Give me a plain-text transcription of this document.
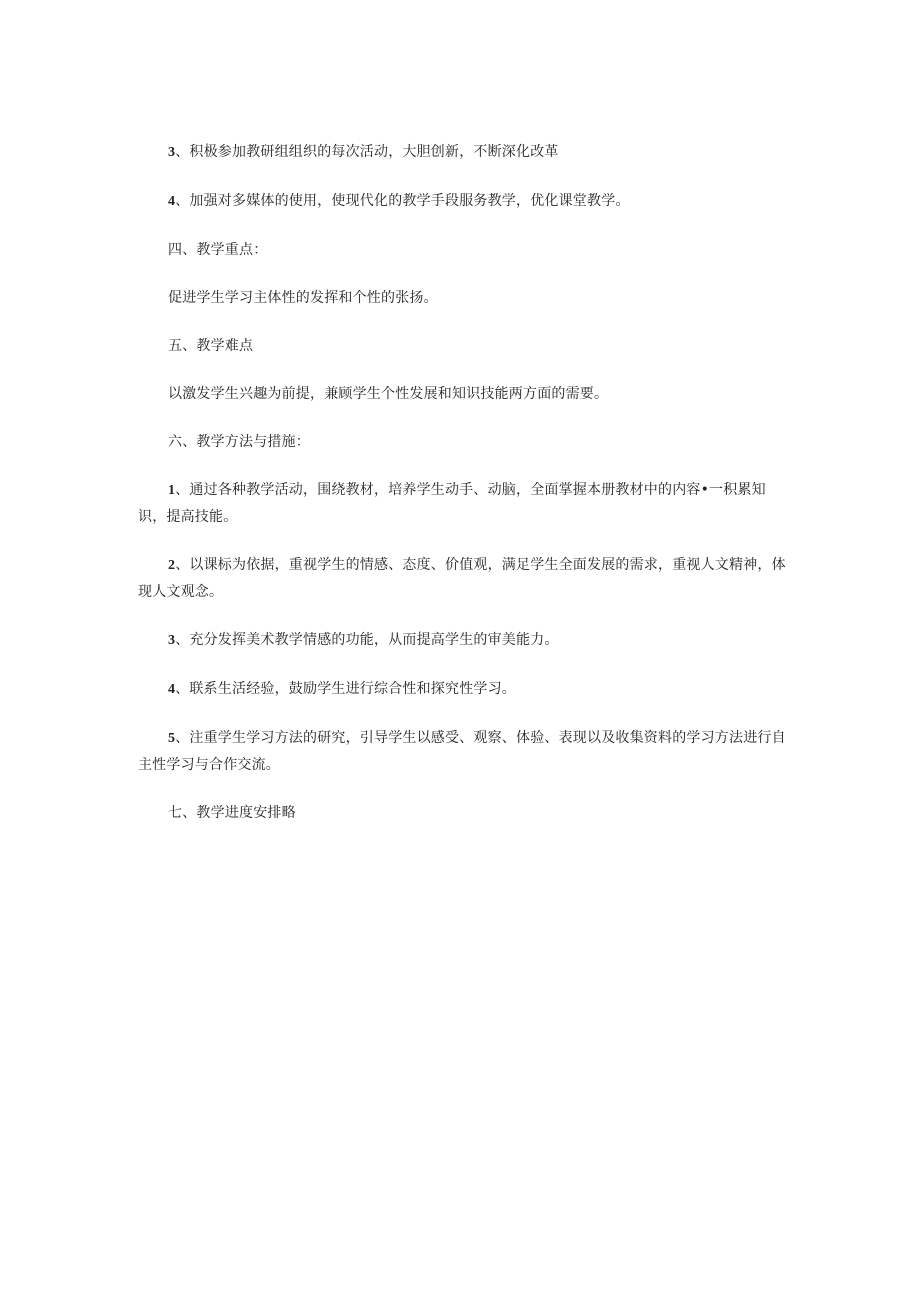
3、积极参加教研组组织的每次活动，大胆创新，不断深化改革

4、加强对多媒体的使用，使现代化的教学手段服务教学，优化课堂教学。

四、教学重点：

促进学生学习主体性的发挥和个性的张扬。

五、教学难点

以激发学生兴趣为前提，兼顾学生个性发展和知识技能两方面的需要。

六、教学方法与措施：

1、通过各种教学活动，围绕教材，培养学生动手、动脑，全面掌握本册教材中的内容•一积累知识，提高技能。

2、以课标为依据，重视学生的情感、态度、价值观，满足学生全面发展的需求，重视人文精神，体现人文观念。

3、充分发挥美术教学情感的功能，从而提高学生的审美能力。

4、联系生活经验，鼓励学生进行综合性和探究性学习。

5、注重学生学习方法的研究，引导学生以感受、观察、体验、表现以及收集资料的学习方法进行自主性学习与合作交流。

七、教学进度安排略
